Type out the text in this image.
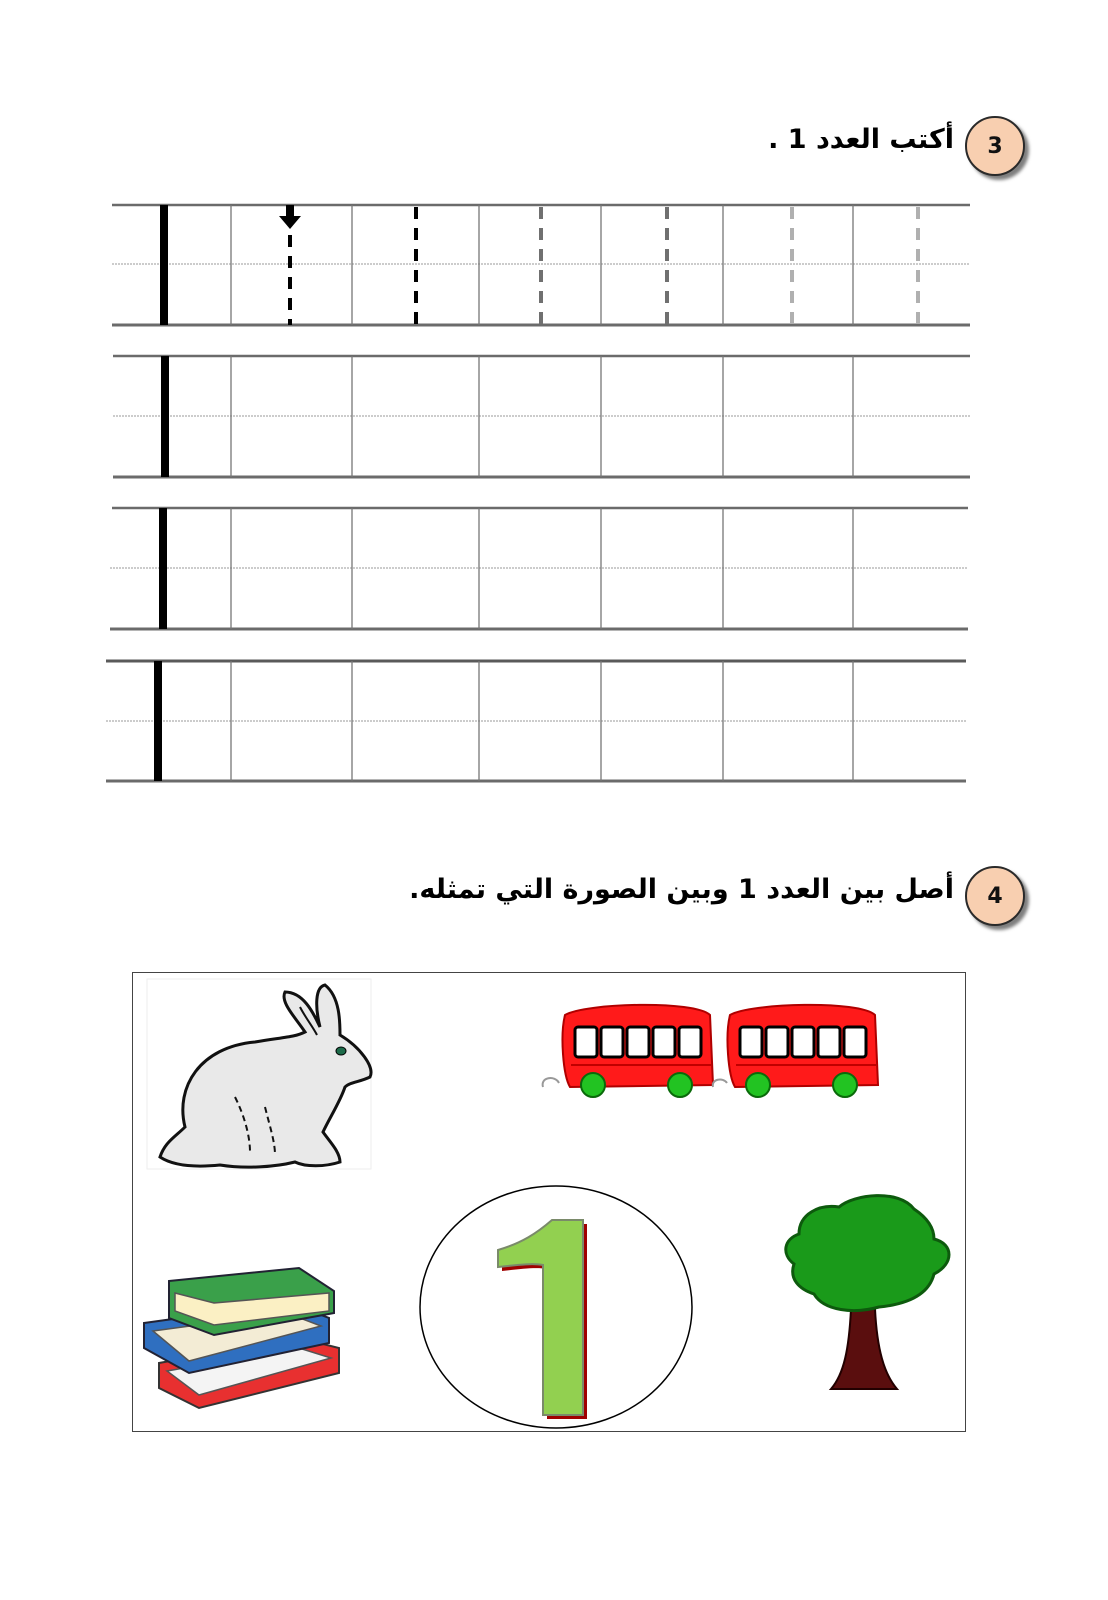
3
أكتب العدد 1 .
4
أصل بين العدد 1 وبين الصورة التي تمثله.
